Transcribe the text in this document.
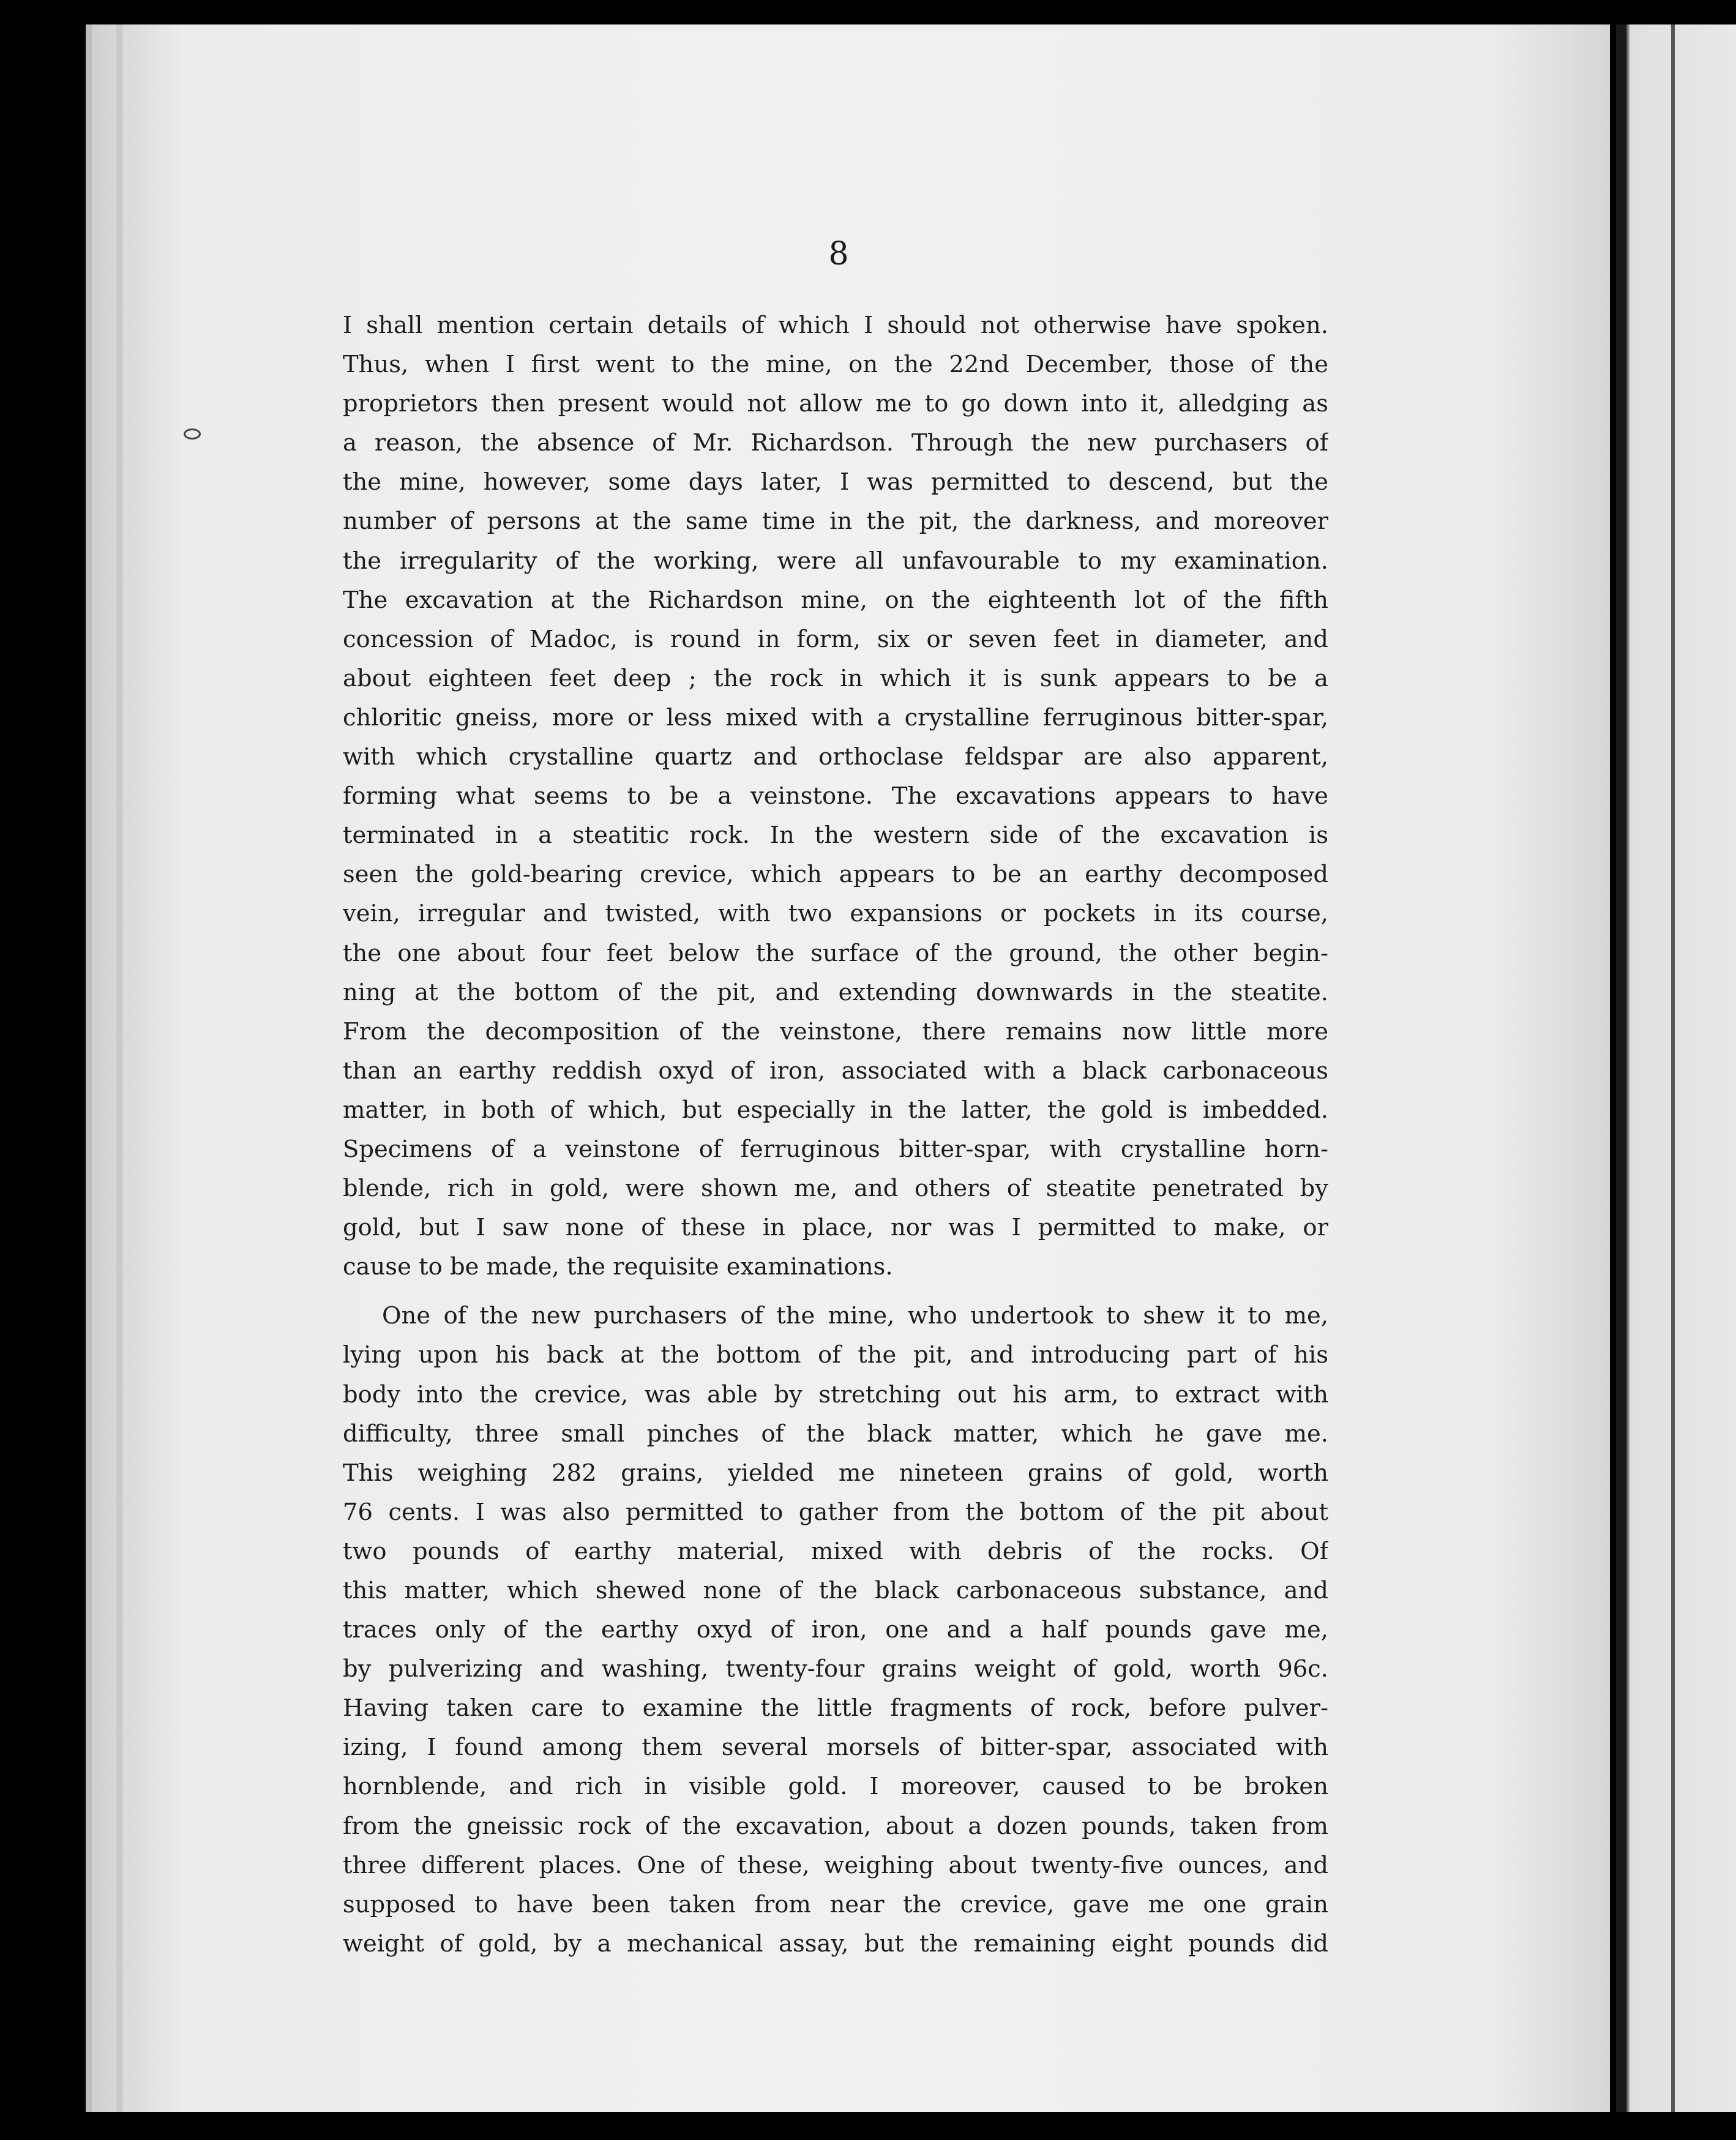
8
I shall mention certain details of which I should not otherwise have spoken.
Thus, when I first went to the mine, on the 22nd December, those of the
proprietors then present would not allow me to go down into it, alledging as
a reason, the absence of Mr. Richardson. Through the new purchasers of
the mine, however, some days later, I was permitted to descend, but the
number of persons at the same time in the pit, the darkness, and moreover
the irregularity of the working, were all unfavourable to my examination.
The excavation at the Richardson mine, on the eighteenth lot of the fifth
concession of Madoc, is round in form, six or seven feet in diameter, and
about eighteen feet deep ; the rock in which it is sunk appears to be a
chloritic gneiss, more or less mixed with a crystalline ferruginous bitter-spar,
with which crystalline quartz and orthoclase feldspar are also apparent,
forming what seems to be a veinstone. The excavations appears to have
terminated in a steatitic rock. In the western side of the excavation is
seen the gold-bearing crevice, which appears to be an earthy decomposed
vein, irregular and twisted, with two expansions or pockets in its course,
the one about four feet below the surface of the ground, the other begin-
ning at the bottom of the pit, and extending downwards in the steatite.
From the decomposition of the veinstone, there remains now little more
than an earthy reddish oxyd of iron, associated with a black carbonaceous
matter, in both of which, but especially in the latter, the gold is imbedded.
Specimens of a veinstone of ferruginous bitter-spar, with crystalline horn-
blende, rich in gold, were shown me, and others of steatite penetrated by
gold, but I saw none of these in place, nor was I permitted to make, or
cause to be made, the requisite examinations.
One of the new purchasers of the mine, who undertook to shew it to me,
lying upon his back at the bottom of the pit, and introducing part of his
body into the crevice, was able by stretching out his arm, to extract with
difficulty, three small pinches of the black matter, which he gave me.
This weighing 282 grains, yielded me nineteen grains of gold, worth
76 cents. I was also permitted to gather from the bottom of the pit about
two pounds of earthy material, mixed with debris of the rocks. Of
this matter, which shewed none of the black carbonaceous substance, and
traces only of the earthy oxyd of iron, one and a half pounds gave me,
by pulverizing and washing, twenty-four grains weight of gold, worth 96c.
Having taken care to examine the little fragments of rock, before pulver-
izing, I found among them several morsels of bitter-spar, associated with
hornblende, and rich in visible gold. I moreover, caused to be broken
from the gneissic rock of the excavation, about a dozen pounds, taken from
three different places. One of these, weighing about twenty-five ounces, and
supposed to have been taken from near the crevice, gave me one grain
weight of gold, by a mechanical assay, but the remaining eight pounds did
